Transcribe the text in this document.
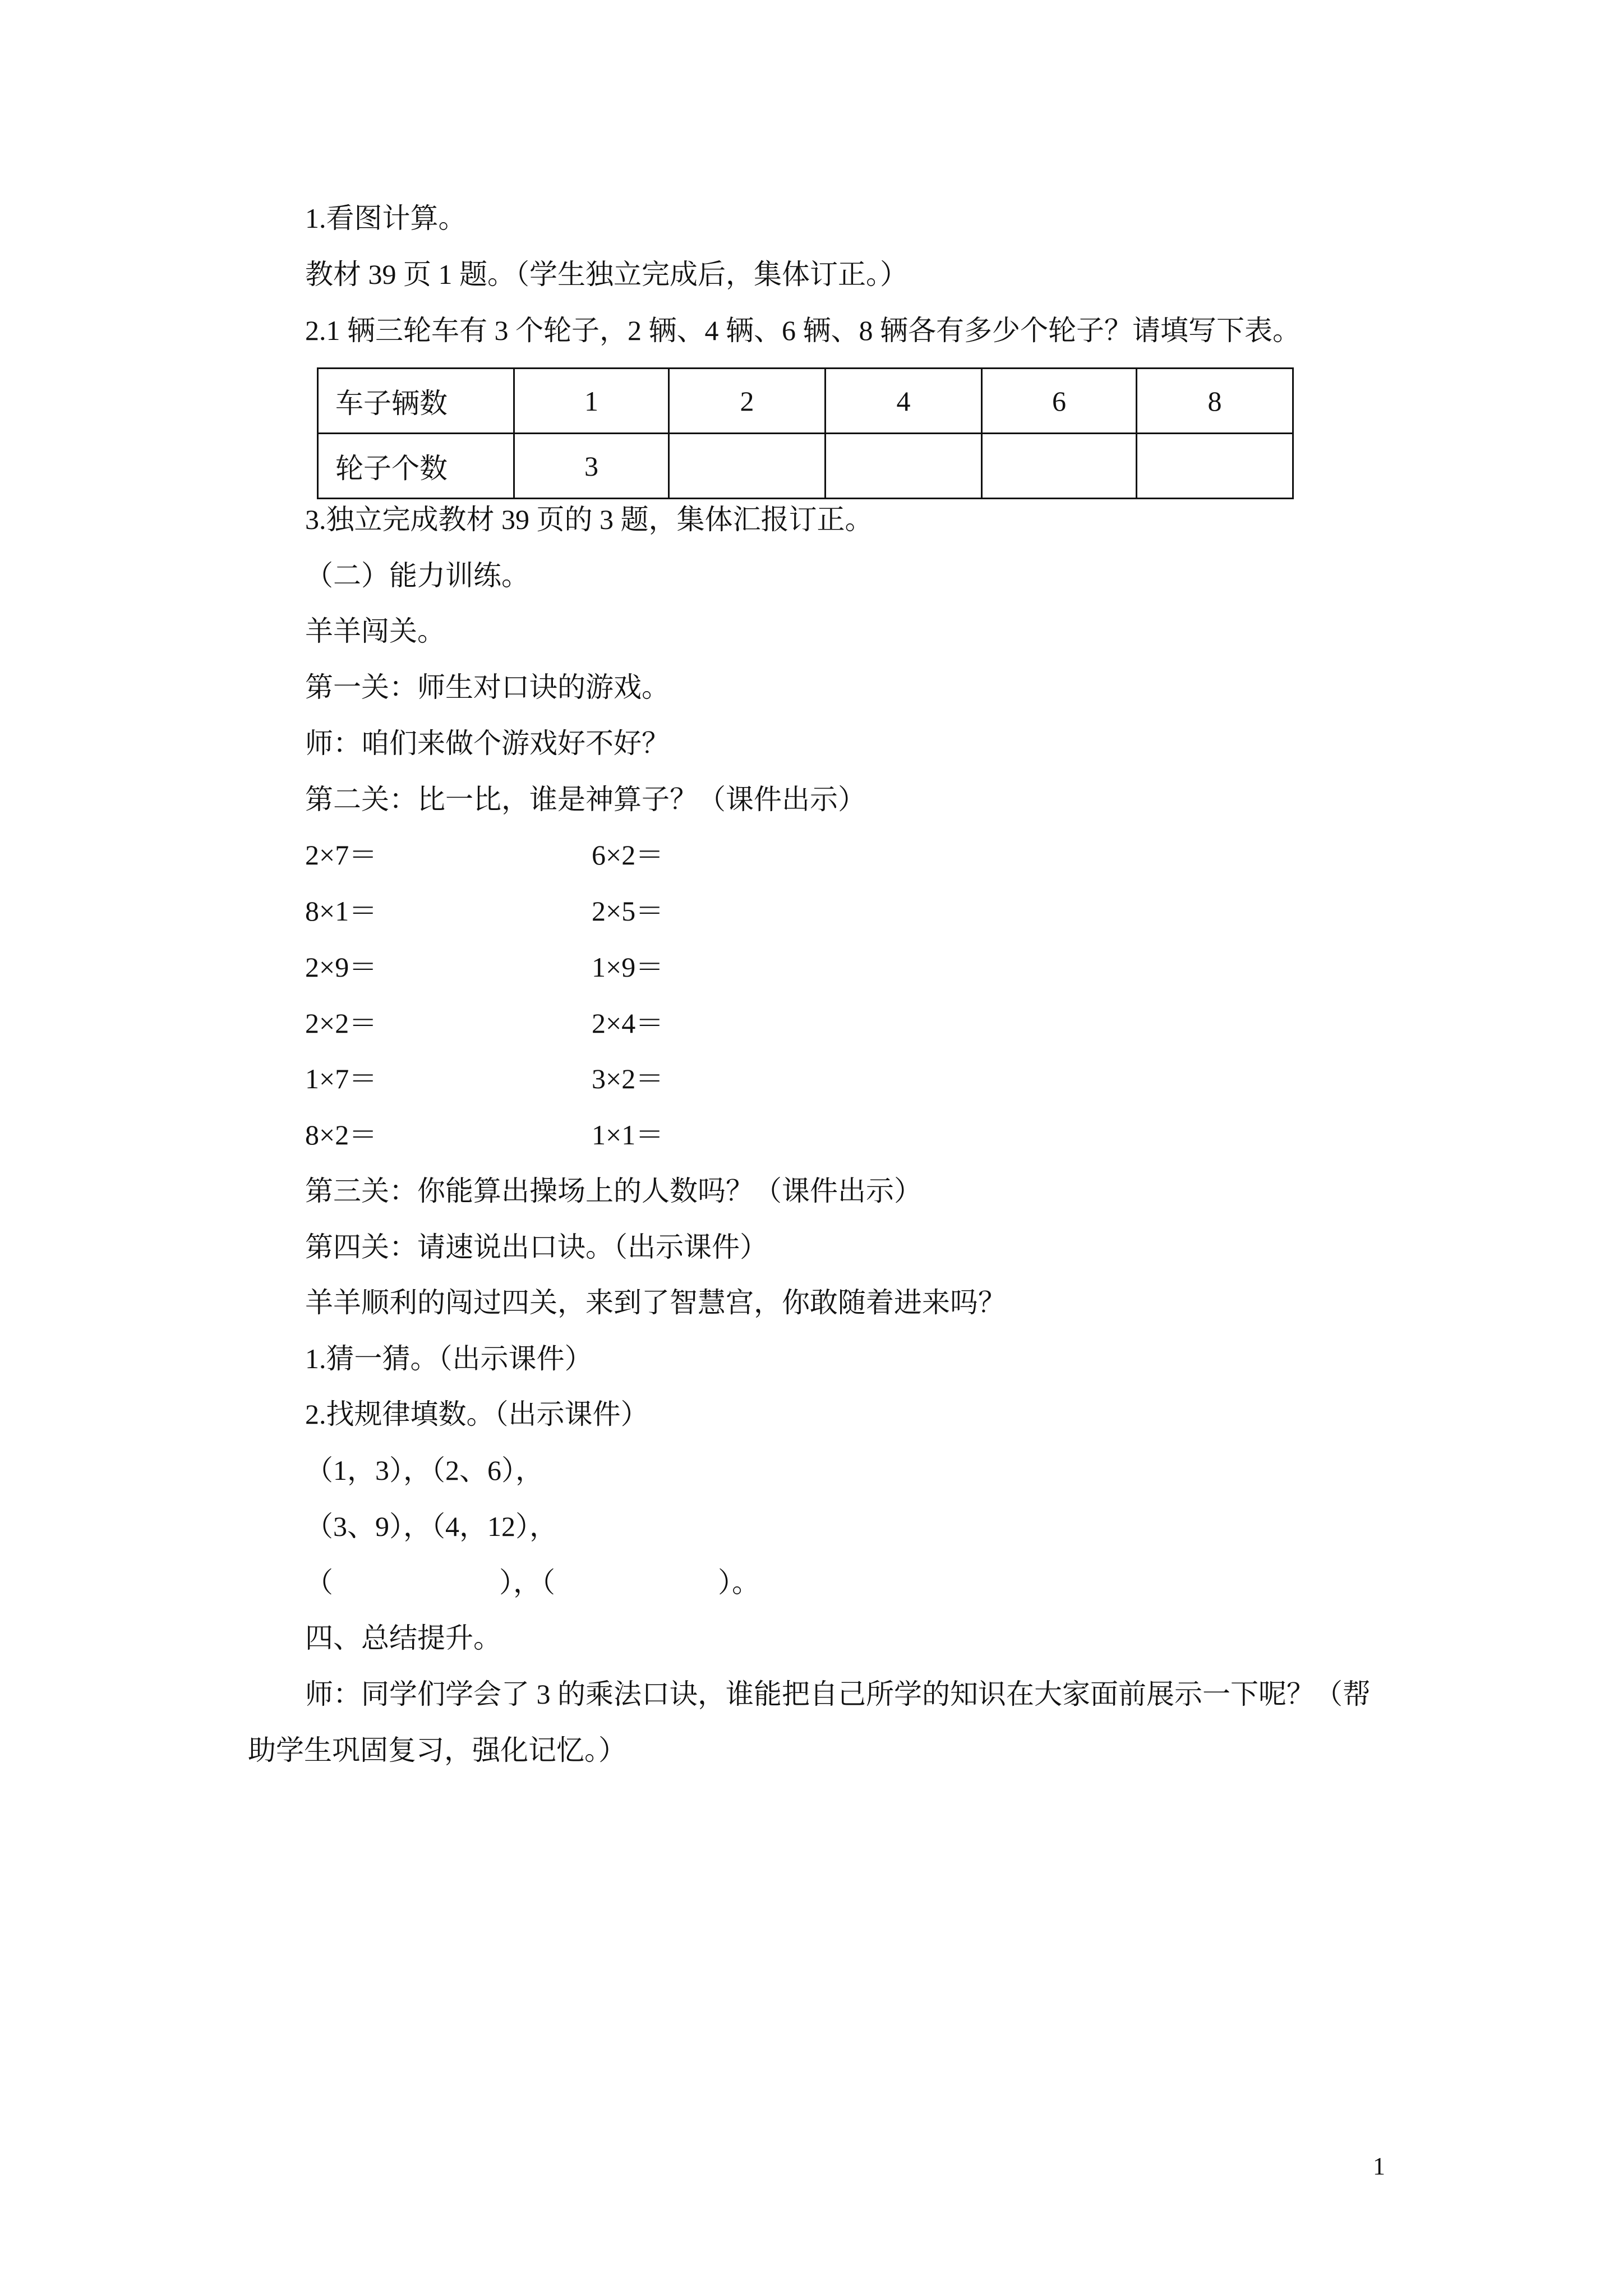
1.看图计算。
教材 39 页 1 题。（学生独立完成后，集体订正。）
2.1 辆三轮车有 3 个轮子，2 辆、4 辆、6 辆、8 辆各有多少个轮子？请填写下表。
车子辆数	1	2	4	6	8
轮子个数	3				
3.独立完成教材 39 页的 3 题，集体汇报订正。
（二）能力训练。
羊羊闯关。
第一关：师生对口诀的游戏。
师：咱们来做个游戏好不好？
第二关：比一比，谁是神算子？（课件出示）
2×7＝	6×2＝
8×1＝	2×5＝
2×9＝	1×9＝
2×2＝	2×4＝
1×7＝	3×2＝
8×2＝	1×1＝
第三关：你能算出操场上的人数吗？（课件出示）
第四关：请速说出口诀。（出示课件）
羊羊顺利的闯过四关，来到了智慧宫，你敢随着进来吗？
1.猜一猜。（出示课件）
2.找规律填数。（出示课件）
（1，3），（2、6），
（3、9），（4，12），
（	），（	）。
四、总结提升。
师：同学们学会了 3 的乘法口诀，谁能把自己所学的知识在大家面前展示一下呢？（帮
助学生巩固复习，强化记忆。）
1
